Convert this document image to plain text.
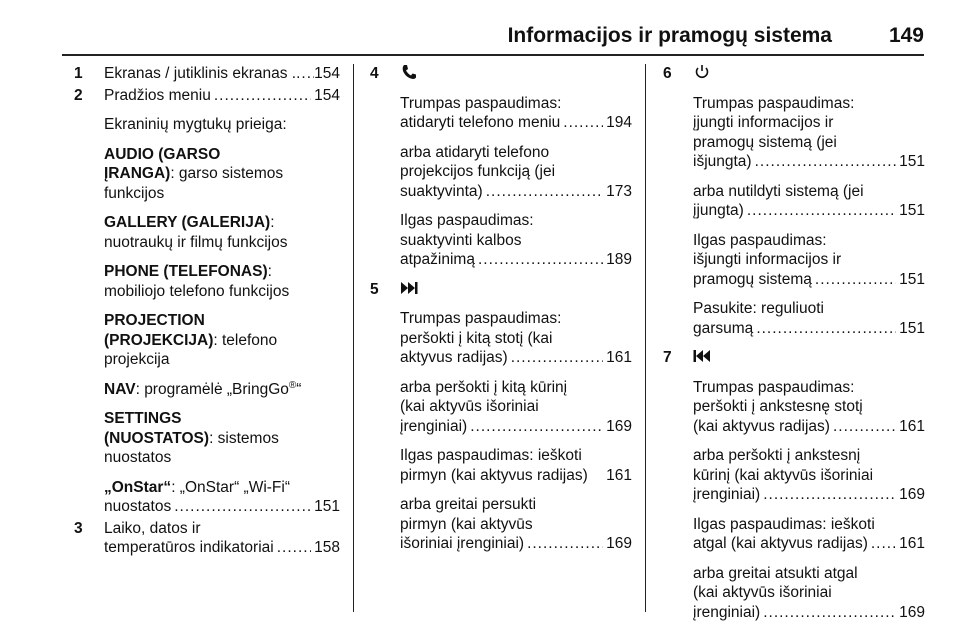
Informacijos ir pramogų sistema	149
1 Ekranas / jutiklinis ekranas . ..... 154
2 Pradžios meniu .....	154
Ekraninių mygtukų prieiga:
AUDIO (GARSO
ĮRANGA): garso sistemos
funkcijos
GALLERY (GALERIJA):
nuotraukų ir filmų funkcijos
PHONE (TELEFONAS):
mobiliojo telefono funkcijos
PROJECTION
(PROJEKCIJA): telefono
projekcija
NAV: programėlė „BringGo®“
SETTINGS
(NUOSTATOS): sistemos
nuostatos
„OnStar“: „OnStar“ „Wi-Fi“
nuostatos .....	151
3 Laiko, datos ir
temperatūros indikatoriai .....	158
4
Trumpas paspaudimas:
atidaryti telefono meniu .....	194
arba atidaryti telefono
projekcijos funkciją (jei
suaktyvinta) .....	173
Ilgas paspaudimas:
suaktyvinti kalbos
atpažinimą .....	189
5
Trumpas paspaudimas:
peršokti į kitą stotį (kai
aktyvus radijas) .....	161
arba peršokti į kitą kūrinį
(kai aktyvūs išoriniai
įrenginiai) .....	169
Ilgas paspaudimas: ieškoti
pirmyn (kai aktyvus radijas) 161
arba greitai persukti
pirmyn (kai aktyvūs
išoriniai įrenginiai) .....	169
6
Trumpas paspaudimas:
įjungti informacijos ir
pramogų sistemą (jei
išjungta) .....	151
arba nutildyti sistemą (jei
įjungta) .....	151
Ilgas paspaudimas:
išjungti informacijos ir
pramogų sistemą .....	151
Pasukite: reguliuoti
garsumą .....	151
7
Trumpas paspaudimas:
peršokti į ankstesnę stotį
(kai aktyvus radijas) .....	161
arba peršokti į ankstesnį
kūrinį (kai aktyvūs išoriniai
įrenginiai) .....	169
Ilgas paspaudimas: ieškoti
atgal (kai aktyvus radijas) ..... 161
arba greitai atsukti atgal
(kai aktyvūs išoriniai
įrenginiai) .....	169
